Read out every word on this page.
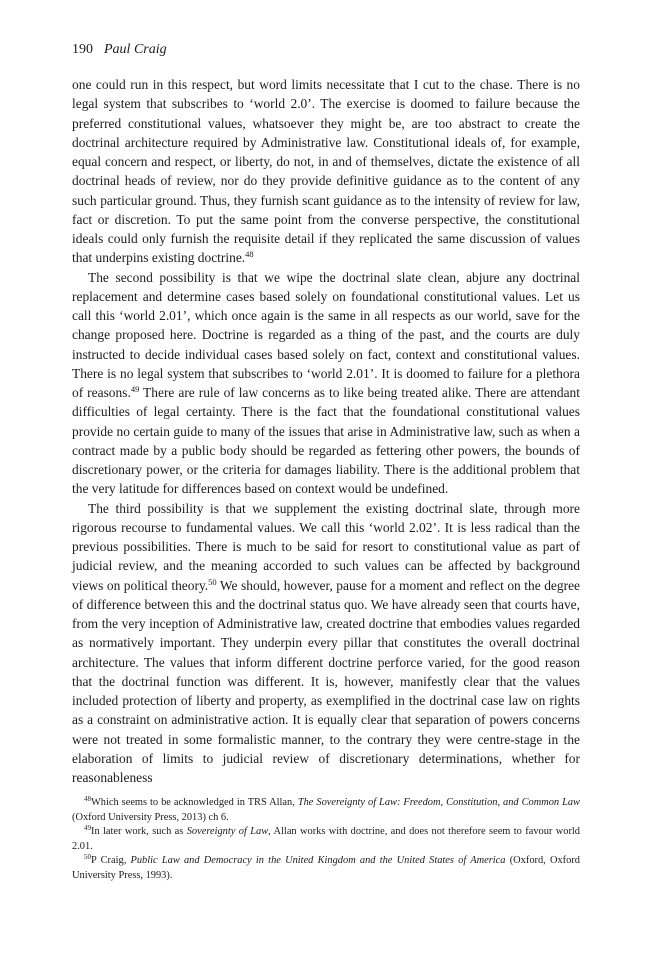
190 Paul Craig

one could run in this respect, but word limits necessitate that I cut to the chase. There is no legal system that subscribes to ‘world 2.0’. The exercise is doomed to failure because the preferred constitutional values, whatsoever they might be, are too abstract to create the doctrinal architecture required by Administrative law. Constitutional ideals of, for example, equal concern and respect, or liberty, do not, in and of themselves, dictate the existence of all doctrinal heads of review, nor do they provide definitive guidance as to the content of any such particular ground. Thus, they furnish scant guidance as to the intensity of review for law, fact or discretion. To put the same point from the converse perspective, the constitutional ideals could only furnish the requisite detail if they replicated the same discussion of values that underpins existing doctrine.$^{48}$

The second possibility is that we wipe the doctrinal slate clean, abjure any doctrinal replacement and determine cases based solely on foundational constitutional values. Let us call this ‘world 2.01’, which once again is the same in all respects as our world, save for the change proposed here. Doctrine is regarded as a thing of the past, and the courts are duly instructed to decide individual cases based solely on fact, context and constitutional values. There is no legal system that subscribes to ‘world 2.01’. It is doomed to failure for a plethora of reasons.$^{49}$ There are rule of law concerns as to like being treated alike. There are attendant difficulties of legal certainty. There is the fact that the foundational constitutional values provide no certain guide to many of the issues that arise in Administrative law, such as when a contract made by a public body should be regarded as fettering other powers, the bounds of discretionary power, or the criteria for damages liability. There is the additional problem that the very latitude for differences based on context would be undefined.

The third possibility is that we supplement the existing doctrinal slate, through more rigorous recourse to fundamental values. We call this ‘world 2.02’. It is less radical than the previous possibilities. There is much to be said for resort to constitutional value as part of judicial review, and the meaning accorded to such values can be affected by background views on political theory.$^{50}$ We should, however, pause for a moment and reflect on the degree of difference between this and the doctrinal status quo. We have already seen that courts have, from the very inception of Administrative law, created doctrine that embodies values regarded as normatively important. They underpin every pillar that constitutes the overall doctrinal architecture. The values that inform different doctrine perforce varied, for the good reason that the doctrinal function was different. It is, however, manifestly clear that the values included protection of liberty and property, as exemplified in the doctrinal case law on rights as a constraint on administrative action. It is equally clear that separation of powers concerns were not treated in some formalistic manner, to the contrary they were centre-stage in the elaboration of limits to judicial review of discretionary determinations, whether for reasonableness

$^{48}$Which seems to be acknowledged in TRS Allan, The Sovereignty of Law: Freedom, Constitution, and Common Law (Oxford University Press, 2013) ch 6.

$^{49}$In later work, such as Sovereignty of Law, Allan works with doctrine, and does not therefore seem to favour world 2.01.

$^{50}$P Craig, Public Law and Democracy in the United Kingdom and the United States of America (Oxford, Oxford University Press, 1993).
